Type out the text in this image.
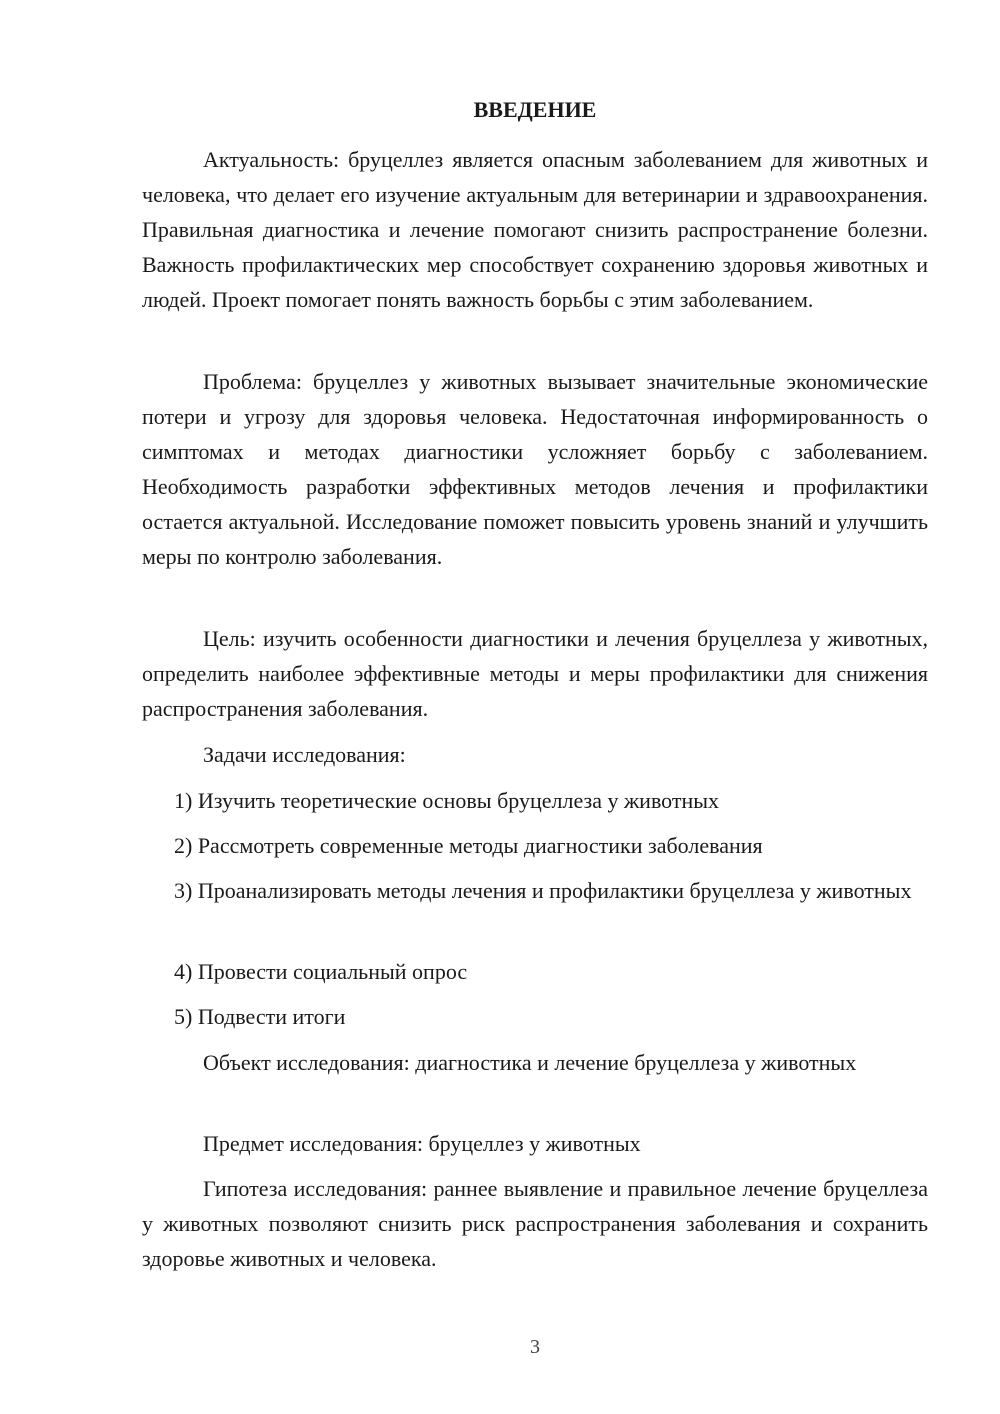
ВВЕДЕНИЕ

Актуальность: бруцеллез является опасным заболеванием для животных и человека, что делает его изучение актуальным для ветеринарии и здравоохранения. Правильная диагностика и лечение помогают снизить распространение болезни. Важность профилактических мер способствует сохранению здоровья животных и людей. Проект помогает понять важность борьбы с этим заболеванием.

Проблема: бруцеллез у животных вызывает значительные экономические потери и угрозу для здоровья человека. Недостаточная информированность о симптомах и методах диагностики усложняет борьбу с заболеванием. Необходимость разработки эффективных методов лечения и профилактики остается актуальной. Исследование поможет повысить уровень знаний и улучшить меры по контролю заболевания.

Цель: изучить особенности диагностики и лечения бруцеллеза у животных, определить наиболее эффективные методы и меры профилактики для снижения распространения заболевания.

Задачи исследования:

1) Изучить теоретические основы бруцеллеза у животных

2) Рассмотреть современные методы диагностики заболевания

3) Проанализировать методы лечения и профилактики бруцеллеза у животных

4) Провести социальный опрос

5) Подвести итоги

Объект исследования: диагностика и лечение бруцеллеза у животных

Предмет исследования: бруцеллез у животных

Гипотеза исследования: раннее выявление и правильное лечение бруцеллеза у животных позволяют снизить риск распространения заболевания и сохранить здоровье животных и человека.

3
